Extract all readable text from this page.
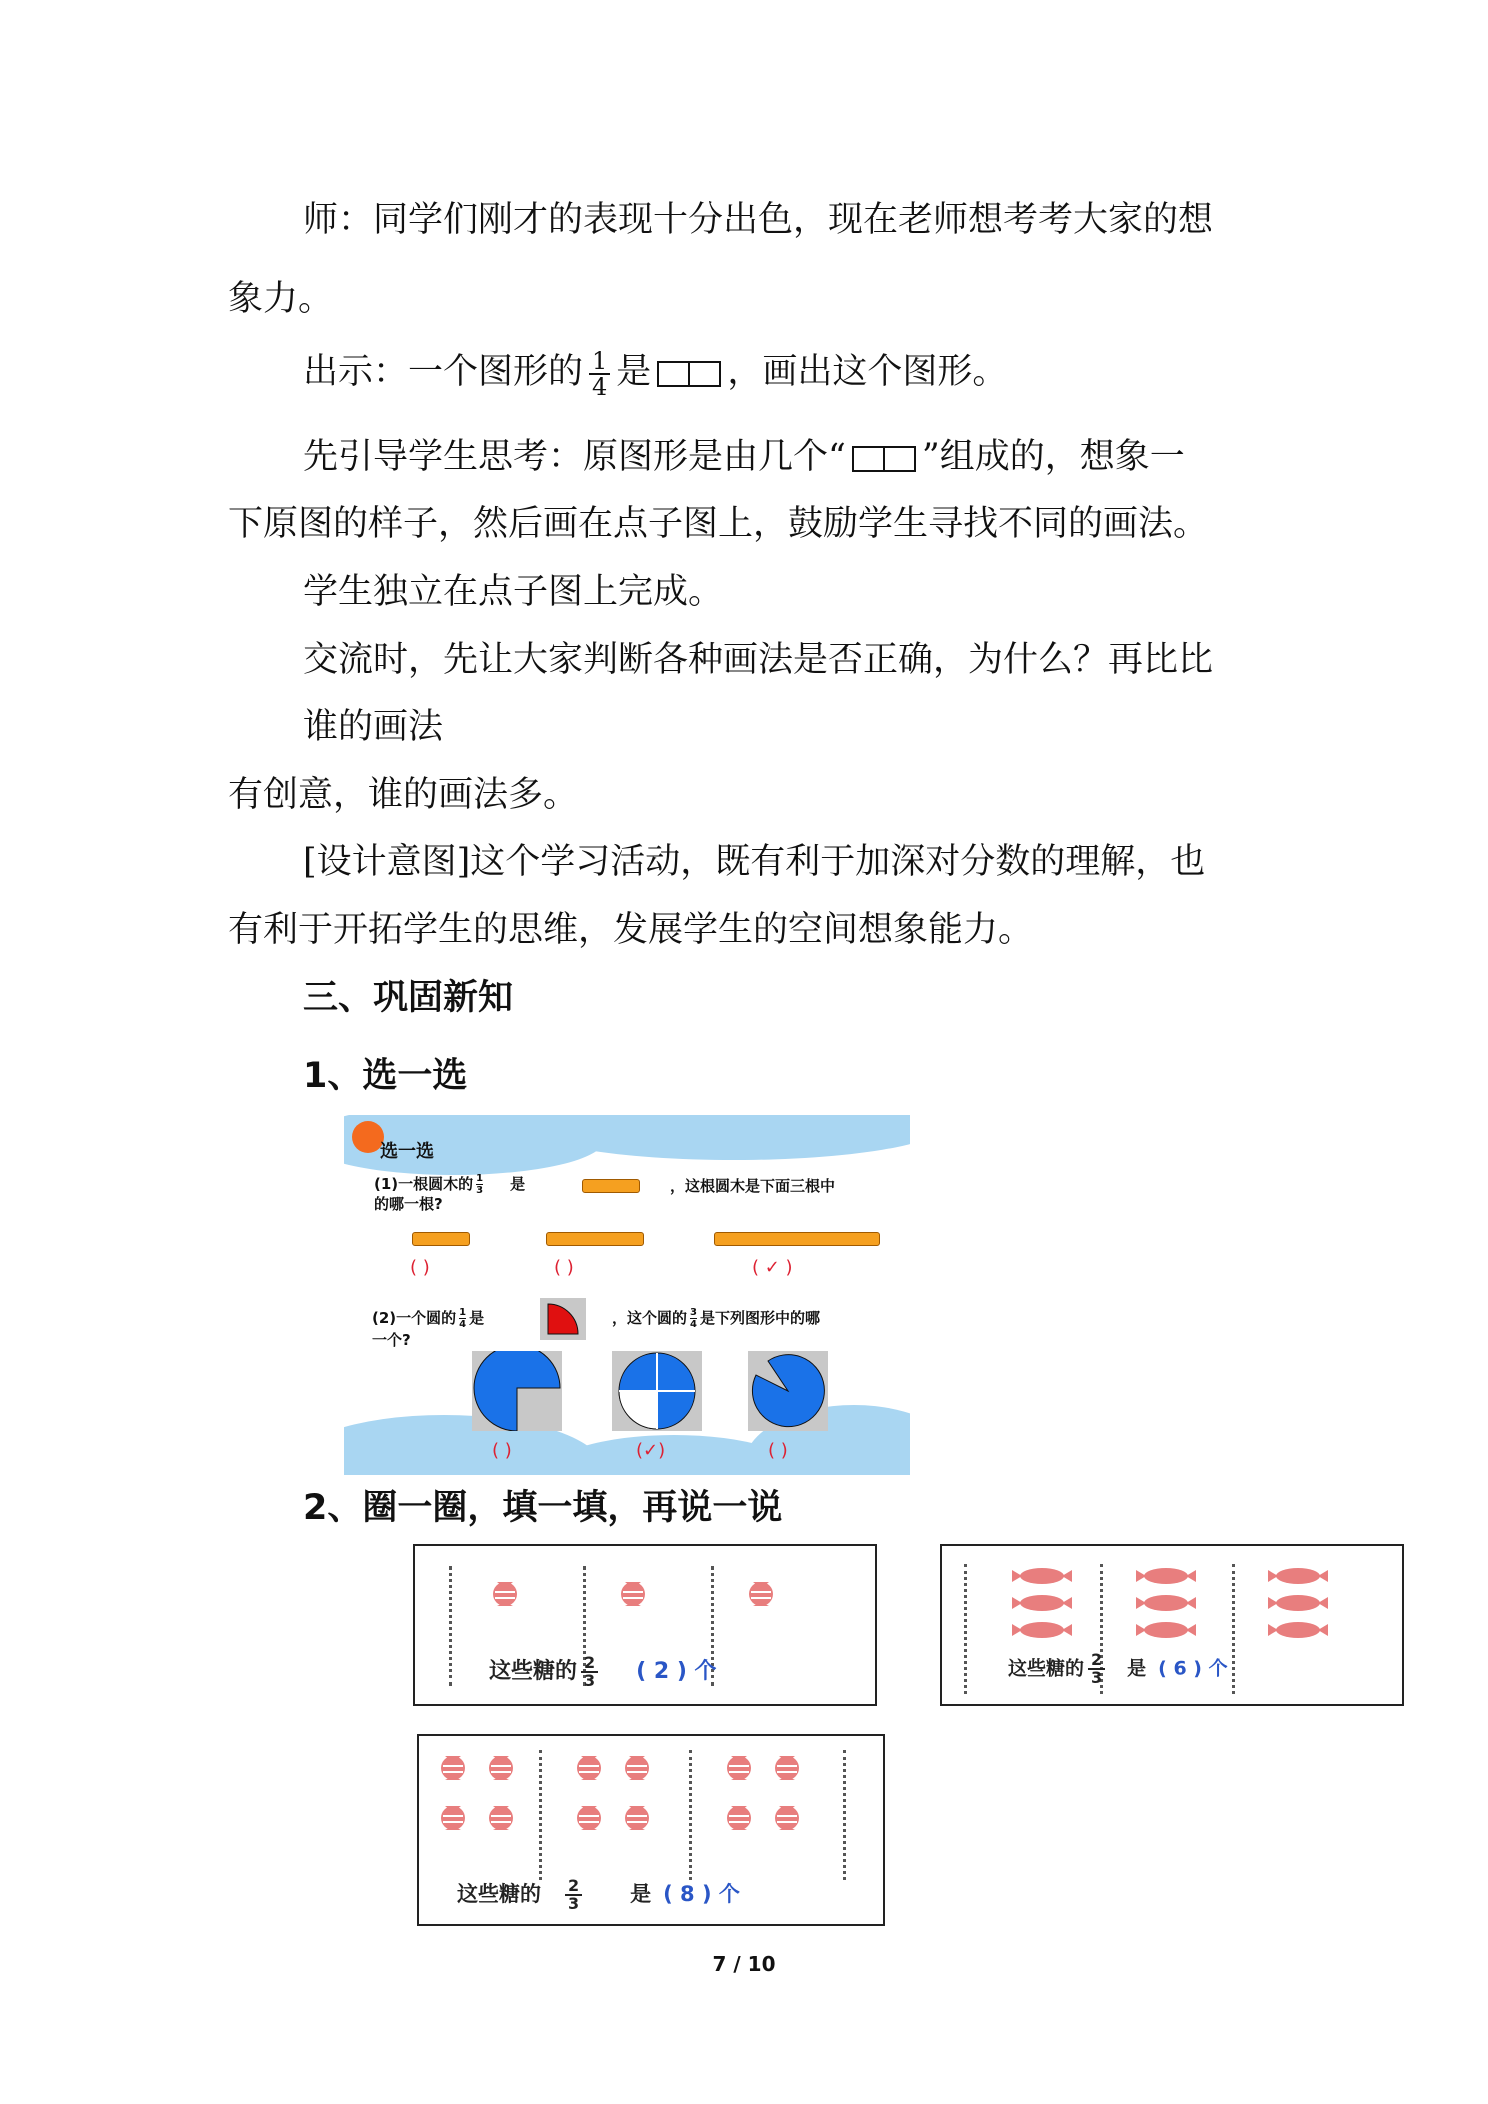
师：同学们刚才的表现十分出色，现在老师想考考大家的想
象力。
出示：一个图形的 $\frac{1}{4}$ 是 ，画出这个图形。
先引导学生思考：原图形是由几个“ ”组成的，想象一
下原图的样子，然后画在点子图上，鼓励学生寻找不同的画法。
学生独立在点子图上完成。
交流时，先让大家判断各种画法是否正确，为什么？再比比
谁的画法
有创意，谁的画法多。
[设计意图]这个学习活动，既有利于加深对分数的理解，也
有利于开拓学生的思维，发展学生的空间想象能力。
三、巩固新知
1、选一选
选一选
(1)一根圆木的 $\frac{1}{3}$ 是	，这根圆木是下面三根中
的哪一根?
( )	( )	( ✓ )
(2)一个圆的 $\frac{1}{4}$ 是	，这个圆的 $\frac{3}{4}$ 是下列图形中的哪
一个?
( )	(✓)	( )
2、圈一圈，填一填，再说一说
这些糖的 $\frac{2}{3}$ ( 2 ) 个	这些糖的 $\frac{2}{3}$ 是 ( 6 ) 个
这些糖的 $\frac{2}{3}$ 是 ( 8 ) 个
7 / 10
